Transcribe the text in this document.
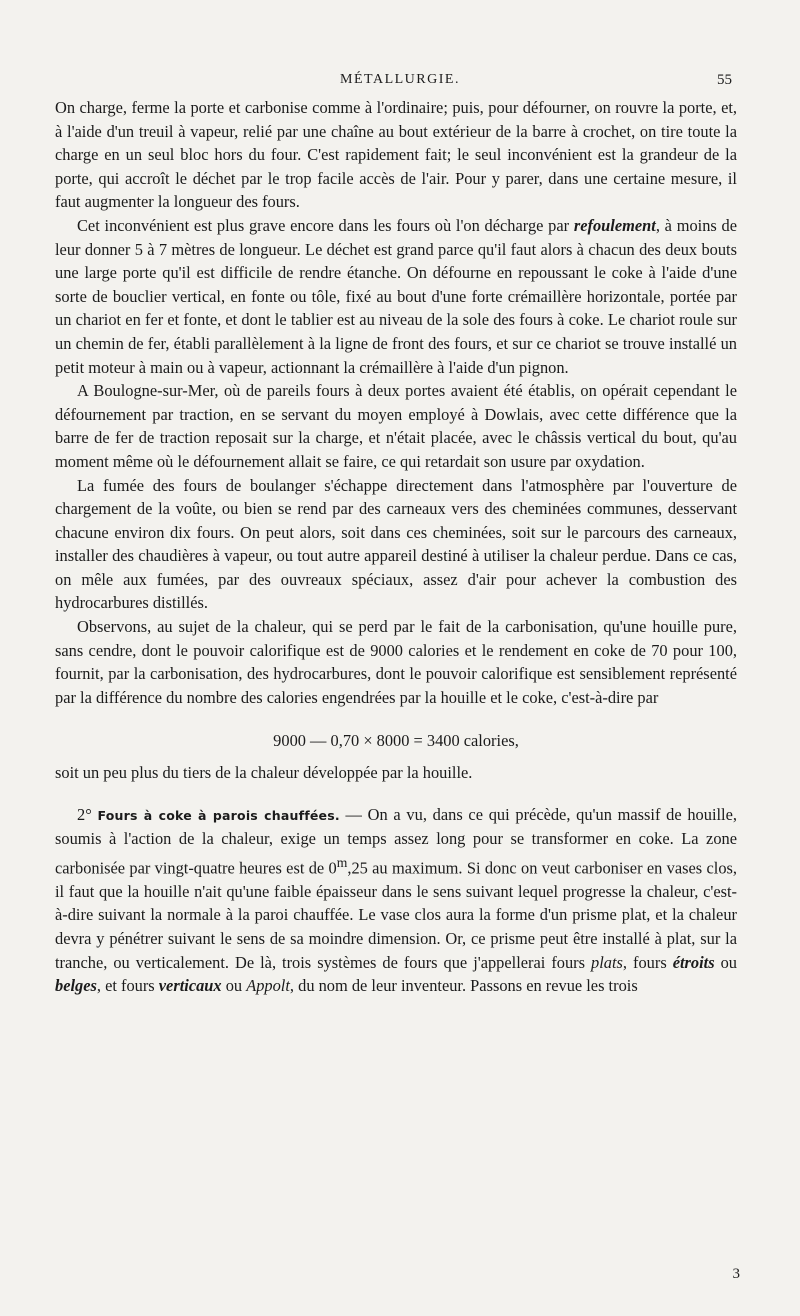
MÉTALLURGIE.	55

On charge, ferme la porte et carbonise comme à l'ordinaire; puis, pour défourner, on rouvre la porte, et, à l'aide d'un treuil à vapeur, relié par une chaîne au bout extérieur de la barre à crochet, on tire toute la charge en un seul bloc hors du four. C'est rapidement fait; le seul inconvénient est la grandeur de la porte, qui accroît le déchet par le trop facile accès de l'air. Pour y parer, dans une certaine mesure, il faut augmenter la longueur des fours.

Cet inconvénient est plus grave encore dans les fours où l'on décharge par refoulement, à moins de leur donner 5 à 7 mètres de longueur. Le déchet est grand parce qu'il faut alors à chacun des deux bouts une large porte qu'il est difficile de rendre étanche. On défourne en repoussant le coke à l'aide d'une sorte de bouclier vertical, en fonte ou tôle, fixé au bout d'une forte crémaillère horizontale, portée par un chariot en fer et fonte, et dont le tablier est au niveau de la sole des fours à coke. Le chariot roule sur un chemin de fer, établi parallèlement à la ligne de front des fours, et sur ce chariot se trouve installé un petit moteur à main ou à vapeur, actionnant la crémaillère à l'aide d'un pignon.

A Boulogne-sur-Mer, où de pareils fours à deux portes avaient été établis, on opérait cependant le défournement par traction, en se servant du moyen employé à Dowlais, avec cette différence que la barre de fer de traction reposait sur la charge, et n'était placée, avec le châssis vertical du bout, qu'au moment même où le défournement allait se faire, ce qui retardait son usure par oxydation.

La fumée des fours de boulanger s'échappe directement dans l'atmosphère par l'ouverture de chargement de la voûte, ou bien se rend par des carneaux vers des cheminées communes, desservant chacune environ dix fours. On peut alors, soit dans ces cheminées, soit sur le parcours des carneaux, installer des chaudières à vapeur, ou tout autre appareil destiné à utiliser la chaleur perdue. Dans ce cas, on mêle aux fumées, par des ouvreaux spéciaux, assez d'air pour achever la combustion des hydrocarbures distillés.

Observons, au sujet de la chaleur, qui se perd par le fait de la carbonisation, qu'une houille pure, sans cendre, dont le pouvoir calorifique est de 9000 calories et le rendement en coke de 70 pour 100, fournit, par la carbonisation, des hydrocarbures, dont le pouvoir calorifique est sensiblement représenté par la différence du nombre des calories engendrées par la houille et le coke, c'est-à-dire par

9000 — 0,70 × 8000 = 3400 calories,

soit un peu plus du tiers de la chaleur développée par la houille.

2° Fours à coke à parois chauffées. — On a vu, dans ce qui précède, qu'un massif de houille, soumis à l'action de la chaleur, exige un temps assez long pour se transformer en coke. La zone carbonisée par vingt-quatre heures est de 0$^m$,25 au maximum. Si donc on veut carboniser en vases clos, il faut que la houille n'ait qu'une faible épaisseur dans le sens suivant lequel progresse la chaleur, c'est-à-dire suivant la normale à la paroi chauffée. Le vase clos aura la forme d'un prisme plat, et la chaleur devra y pénétrer suivant le sens de sa moindre dimension. Or, ce prisme peut être installé à plat, sur la tranche, ou verticalement. De là, trois systèmes de fours que j'appellerai fours plats, fours étroits ou belges, et fours verticaux ou Appolt, du nom de leur inventeur. Passons en revue les trois

3
